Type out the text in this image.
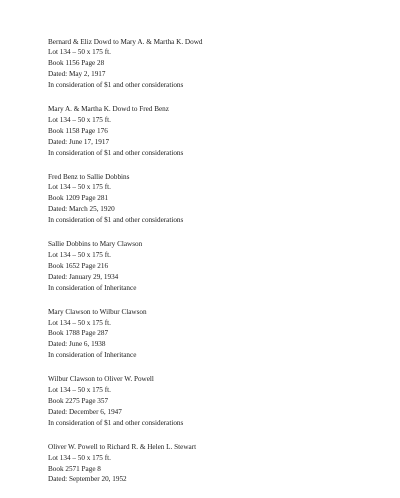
Bernard & Eliz Dowd to Mary A. & Martha K. Dowd
Lot 134 – 50 x 175 ft.
Book 1156 Page 28
Dated: May 2, 1917
In consideration of $1 and other considerations
Mary A. & Martha K. Dowd to Fred Benz
Lot 134 – 50 x 175 ft.
Book 1158 Page 176
Dated: June 17, 1917
In consideration of $1 and other considerations
Fred Benz to Sallie Dobbins
Lot 134 – 50 x 175 ft.
Book 1209 Page 281
Dated: March 25, 1920
In consideration of $1 and other considerations
Sallie Dobbins to Mary Clawson
Lot 134 – 50 x 175 ft.
Book 1652 Page 216
Dated: January 29, 1934
In consideration of Inheritance
Mary Clawson to Wilbur Clawson
Lot 134 – 50 x 175 ft.
Book 1788 Page 287
Dated: June 6, 1938
In consideration of Inheritance
Wilbur Clawson to Oliver W. Powell
Lot 134 – 50 x 175 ft.
Book 2275 Page 357
Dated: December 6, 1947
In consideration of $1 and other considerations
Oliver W. Powell to Richard R. & Helen L. Stewart
Lot 134 – 50 x 175 ft.
Book 2571 Page 8
Dated: September 20, 1952
